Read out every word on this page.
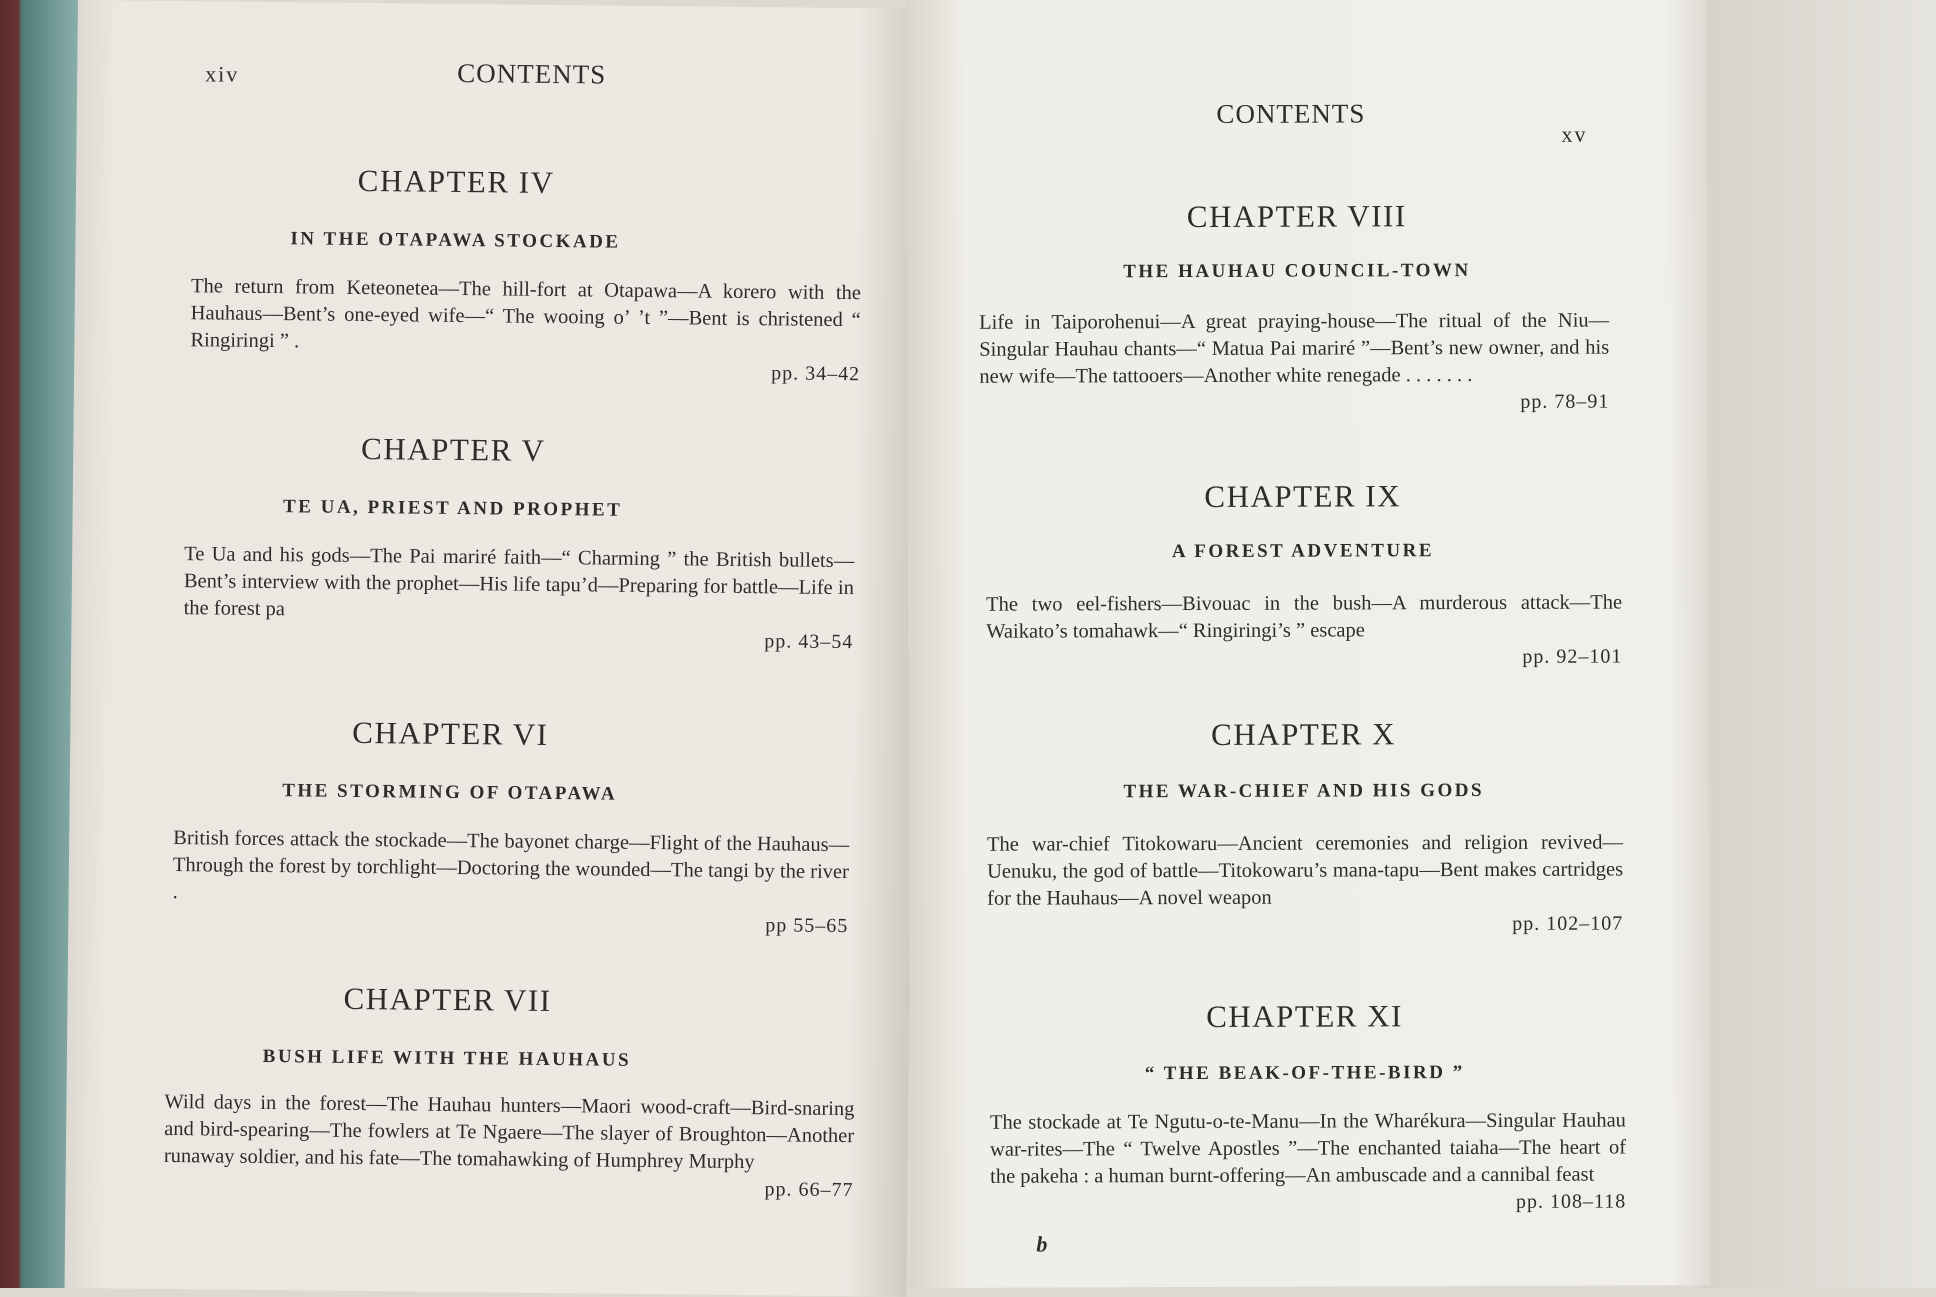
xiv	CONTENTS
CHAPTER IV
IN THE OTAPAWA STOCKADE
The return from Keteonetea—The hill-fort at Otapawa—A korero with the Hauhaus—Bent’s one-eyed wife—“ The wooing o’ ’t ”—Bent is christened “ Ringiringi ” .
pp. 34–42
CHAPTER V
TE UA, PRIEST AND PROPHET
Te Ua and his gods—The Pai mariré faith—“ Charming ” the British bullets—Bent’s interview with the prophet—His life tapu’d—Preparing for battle—Life in the forest pa
pp. 43–54
CHAPTER VI
THE STORMING OF OTAPAWA
British forces attack the stockade—The bayonet charge—Flight of the Hauhaus—Through the forest by torchlight—Doctoring the wounded—The tangi by the river .
pp 55–65
CHAPTER VII
BUSH LIFE WITH THE HAUHAUS
Wild days in the forest—The Hauhau hunters—Maori wood-craft—Bird-snaring and bird-spearing—The fowlers at Te Ngaere—The slayer of Broughton—Another runaway soldier, and his fate—The tomahawking of Humphrey Murphy
pp. 66–77
CONTENTS
xv
CHAPTER VIII
THE HAUHAU COUNCIL-TOWN
Life in Taiporohenui—A great praying-house—The ritual of the Niu—Singular Hauhau chants—“ Matua Pai mariré ”—Bent’s new owner, and his new wife—The tattooers—Another white renegade . . . . . . .
pp. 78–91
CHAPTER IX
A FOREST ADVENTURE
The two eel-fishers—Bivouac in the bush—A murderous attack—The Waikato’s tomahawk—“ Ringiringi’s ” escape
pp. 92–101
CHAPTER X
THE WAR-CHIEF AND HIS GODS
The war-chief Titokowaru—Ancient ceremonies and religion revived—Uenuku, the god of battle—Titokowaru’s mana-tapu—Bent makes cartridges for the Hauhaus—A novel weapon
pp. 102–107
CHAPTER XI
“ THE BEAK-OF-THE-BIRD ”
The stockade at Te Ngutu-o-te-Manu—In the Wharékura—Singular Hauhau war-rites—The “ Twelve Apostles ”—The enchanted taiaha—The heart of the pakeha : a human burnt-offering—An ambuscade and a cannibal feast
pp. 108–118
b
